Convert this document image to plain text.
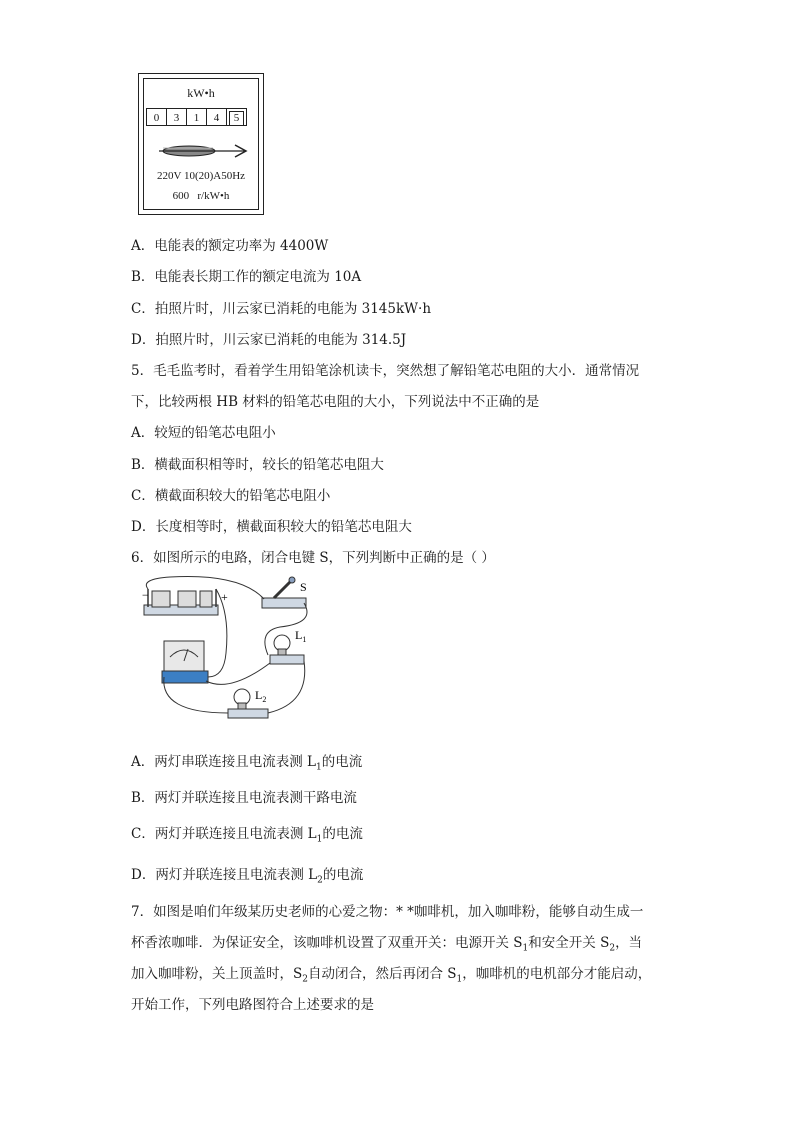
kW•h
0	3	1	4	5
220V 10(20)A50Hz
600 r/kW•h
A．电能表的额定功率为 4400W
B．电能表长期工作的额定电流为 10A
C．拍照片时，川云家已消耗的电能为 3145kW·h
D．拍照片时，川云家已消耗的电能为 314.5J
5．毛毛监考时，看着学生用铅笔涂机读卡，突然想了解铅笔芯电阻的大小．通常情况
下，比较两根 HB 材料的铅笔芯电阻的大小，下列说法中不正确的是
A．较短的铅笔芯电阻小
B．横截面积相等时，较长的铅笔芯电阻大
C．横截面积较大的铅笔芯电阻小
D．长度相等时，横截面积较大的铅笔芯电阻大
6．如图所示的电路，闭合电键 S，下列判断中正确的是（ ）
−	+
S
$L_1$
$L_2$
A．两灯串联连接且电流表测 $L_1$的电流
B．两灯并联连接且电流表测干路电流
C．两灯并联连接且电流表测 $L_1$的电流
D．两灯并联连接且电流表测 $L_2$的电流
7．如图是咱们年级某历史老师的心爱之物：* *咖啡机，加入咖啡粉，能够自动生成一
杯香浓咖啡．为保证安全，该咖啡机设置了双重开关：电源开关 $S_1$和安全开关 $S_2$，当
加入咖啡粉，关上顶盖时，$S_2$自动闭合，然后再闭合 $S_1$，咖啡机的电机部分才能启动，
开始工作，下列电路图符合上述要求的是
